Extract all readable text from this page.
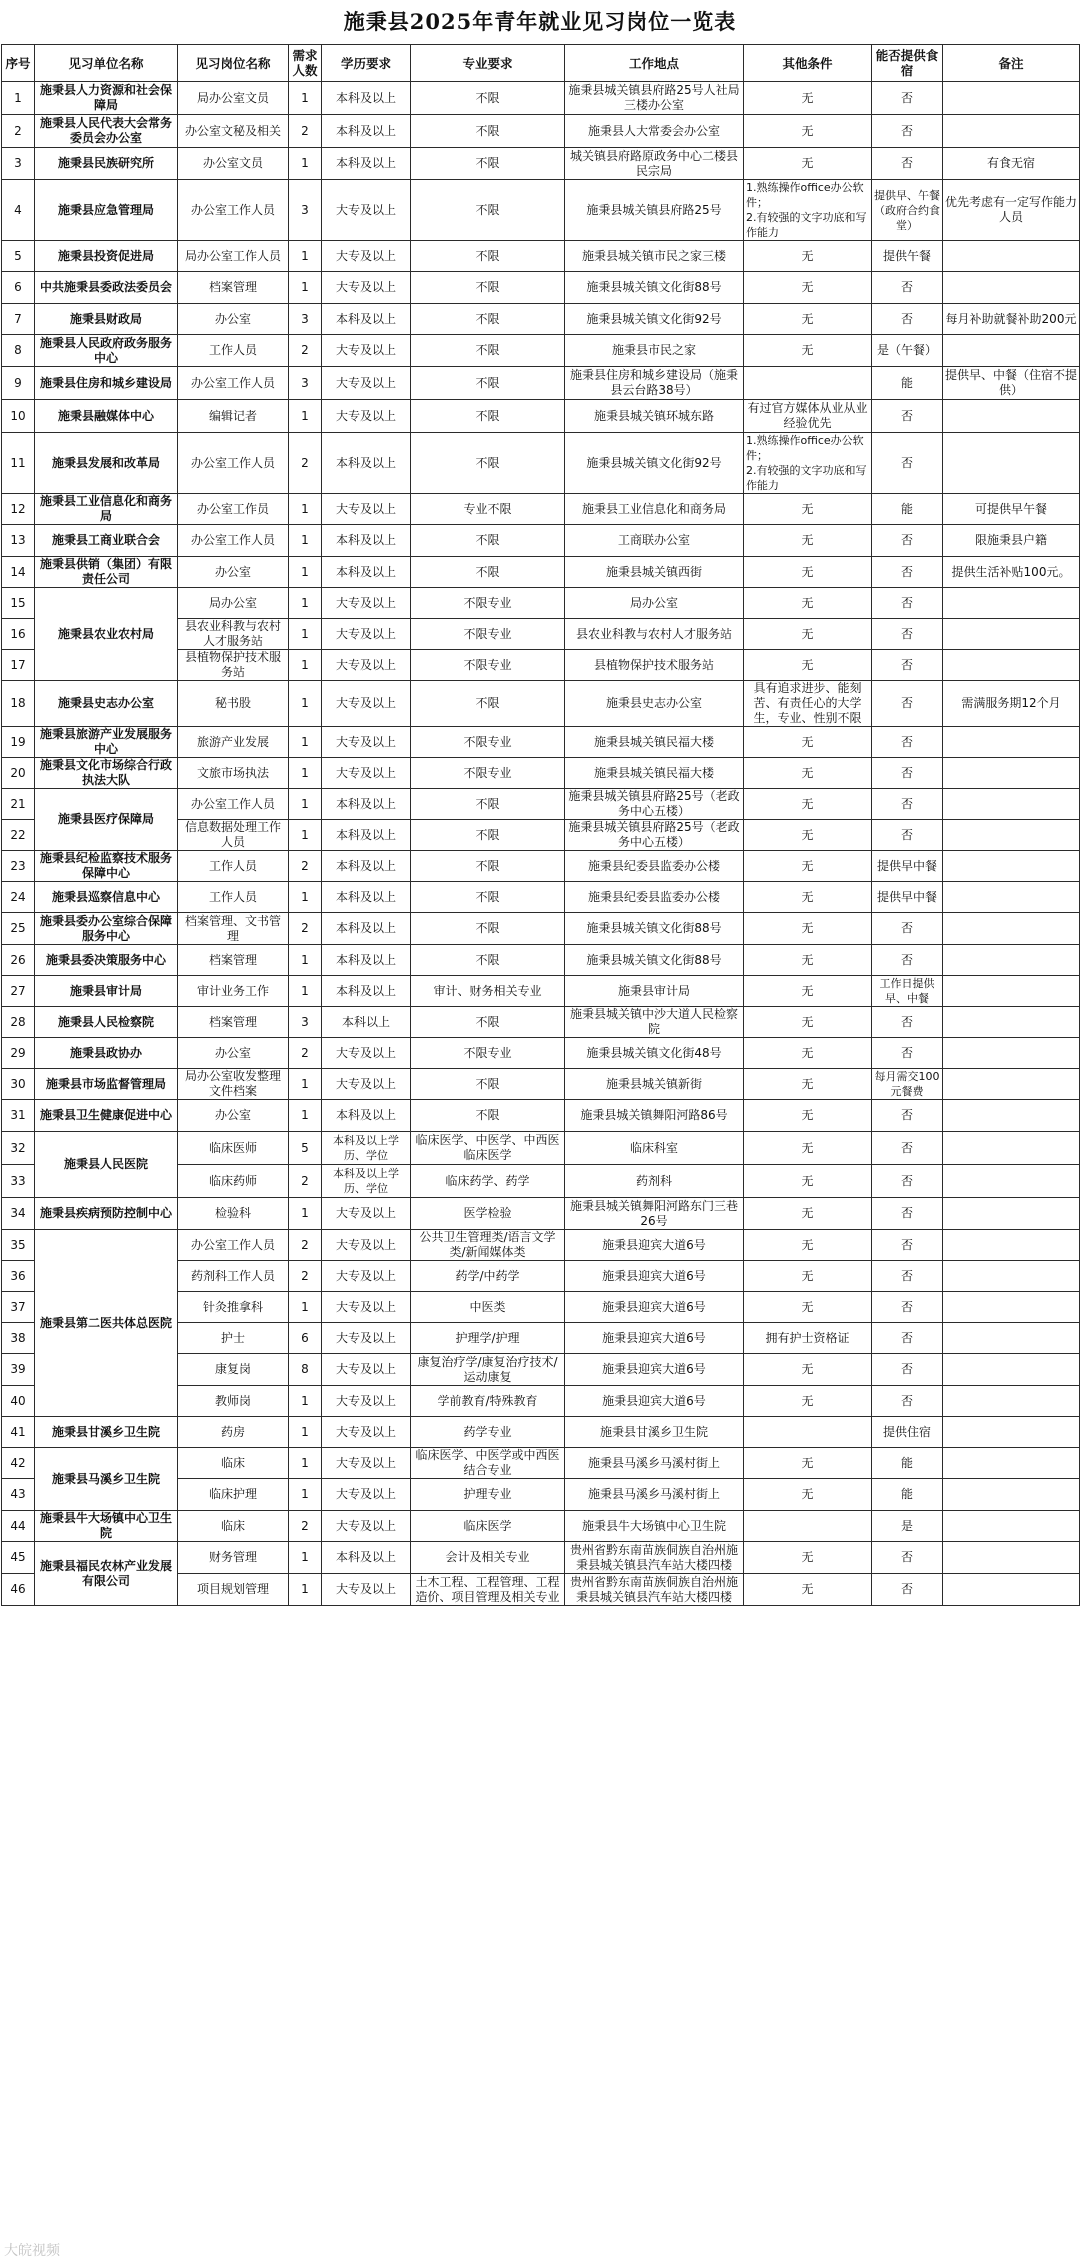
施秉县2025年青年就业见习岗位一览表
序号	见习单位名称	见习岗位名称	需求人数	学历要求	专业要求	工作地点	其他条件	能否提供食宿	备注
1	施秉县人力资源和社会保障局	局办公室文员	1	本科及以上	不限	施秉县城关镇县府路25号人社局三楼办公室	无	否	
2	施秉县人民代表大会常务委员会办公室	办公室文秘及相关	2	本科及以上	不限	施秉县人大常委会办公室	无	否	
3	施秉县民族研究所	办公室文员	1	本科及以上	不限	城关镇县府路原政务中心二楼县民宗局	无	否	有食无宿
4	施秉县应急管理局	办公室工作人员	3	大专及以上	不限	施秉县城关镇县府路25号	1.熟练操作office办公软件；
2.有较强的文字功底和写作能力	提供早、午餐（政府合约食堂）	优先考虑有一定写作能力人员
5	施秉县投资促进局	局办公室工作人员	1	大专及以上	不限	施秉县城关镇市民之家三楼	无	提供午餐	
6	中共施秉县委政法委员会	档案管理	1	大专及以上	不限	施秉县城关镇文化街88号	无	否	
7	施秉县财政局	办公室	3	本科及以上	不限	施秉县城关镇文化街92号	无	否	每月补助就餐补助200元
8	施秉县人民政府政务服务中心	工作人员	2	大专及以上	不限	施秉县市民之家	无	是（午餐）	
9	施秉县住房和城乡建设局	办公室工作人员	3	大专及以上	不限	施秉县住房和城乡建设局（施秉县云台路38号）		能	提供早、中餐（住宿不提供）
10	施秉县融媒体中心	编辑记者	1	大专及以上	不限	施秉县城关镇环城东路	有过官方媒体从业从业经验优先	否	
11	施秉县发展和改革局	办公室工作人员	2	本科及以上	不限	施秉县城关镇文化街92号	1.熟练操作office办公软件；
2.有较强的文字功底和写作能力	否	
12	施秉县工业信息化和商务局	办公室工作员	1	大专及以上	专业不限	施秉县工业信息化和商务局	无	能	可提供早午餐
13	施秉县工商业联合会	办公室工作人员	1	本科及以上	不限	工商联办公室	无	否	限施秉县户籍
14	施秉县供销（集团）有限责任公司	办公室	1	本科及以上	不限	施秉县城关镇西街	无	否	提供生活补贴100元。
15	施秉县农业农村局	局办公室	1	大专及以上	不限专业	局办公室	无	否	
16		县农业科教与农村人才服务站	1	大专及以上	不限专业	县农业科教与农村人才服务站	无	否	
17		县植物保护技术服务站	1	大专及以上	不限专业	县植物保护技术服务站	无	否	
18	施秉县史志办公室	秘书股	1	大专及以上	不限	施秉县史志办公室	具有追求进步、能刻苦、有责任心的大学生，专业、性别不限	否	需满服务期12个月
19	施秉县旅游产业发展服务中心	旅游产业发展	1	大专及以上	不限专业	施秉县城关镇民福大楼	无	否	
20	施秉县文化市场综合行政执法大队	文旅市场执法	1	大专及以上	不限专业	施秉县城关镇民福大楼	无	否	
21	施秉县医疗保障局	办公室工作人员	1	本科及以上	不限	施秉县城关镇县府路25号（老政务中心五楼）	无	否	
22		信息数据处理工作人员	1	本科及以上	不限	施秉县城关镇县府路25号（老政务中心五楼）	无	否	
23	施秉县纪检监察技术服务保障中心	工作人员	2	本科及以上	不限	施秉县纪委县监委办公楼	无	提供早中餐	
24	施秉县巡察信息中心	工作人员	1	本科及以上	不限	施秉县纪委县监委办公楼	无	提供早中餐	
25	施秉县委办公室综合保障服务中心	档案管理、文书管理	2	本科及以上	不限	施秉县城关镇文化街88号	无	否	
26	施秉县委决策服务中心	档案管理	1	本科及以上	不限	施秉县城关镇文化街88号	无	否	
27	施秉县审计局	审计业务工作	1	本科及以上	审计、财务相关专业	施秉县审计局	无	工作日提供早、中餐	
28	施秉县人民检察院	档案管理	3	本科以上	不限	施秉县城关镇中沙大道人民检察院	无	否	
29	施秉县政协办	办公室	2	大专及以上	不限专业	施秉县城关镇文化街48号	无	否	
30	施秉县市场监督管理局	局办公室收发整理文件档案	1	大专及以上	不限	施秉县城关镇新街	无	每月需交100元餐费	
31	施秉县卫生健康促进中心	办公室	1	本科及以上	不限	施秉县城关镇舞阳河路86号	无	否	
32	施秉县人民医院	临床医师	5	本科及以上学历、学位	临床医学、中医学、中西医临床医学	临床科室	无	否	
33		临床药师	2	本科及以上学历、学位	临床药学、药学	药剂科	无	否	
34	施秉县疾病预防控制中心	检验科	1	大专及以上	医学检验	施秉县城关镇舞阳河路东门三巷26号	无	否	
35	施秉县第二医共体总医院	办公室工作人员	2	大专及以上	公共卫生管理类/语言文学类/新闻媒体类	施秉县迎宾大道6号	无	否	
36		药剂科工作人员	2	大专及以上	药学/中药学	施秉县迎宾大道6号	无	否	
37		针灸推拿科	1	大专及以上	中医类	施秉县迎宾大道6号	无	否	
38		护士	6	大专及以上	护理学/护理	施秉县迎宾大道6号	拥有护士资格证	否	
39		康复岗	8	大专及以上	康复治疗学/康复治疗技术/运动康复	施秉县迎宾大道6号	无	否	
40		教师岗	1	大专及以上	学前教育/特殊教育	施秉县迎宾大道6号	无	否	
41	施秉县甘溪乡卫生院	药房	1	大专及以上	药学专业	施秉县甘溪乡卫生院		提供住宿	
42	施秉县马溪乡卫生院	临床	1	大专及以上	临床医学、中医学或中西医结合专业	施秉县马溪乡马溪村街上	无	能	
43		临床护理	1	大专及以上	护理专业	施秉县马溪乡马溪村街上	无	能	
44	施秉县牛大场镇中心卫生院	临床	2	大专及以上	临床医学	施秉县牛大场镇中心卫生院		是	
45	施秉县福民农林产业发展有限公司	财务管理	1	本科及以上	会计及相关专业	贵州省黔东南苗族侗族自治州施秉县城关镇县汽车站大楼四楼	无	否	
46		项目规划管理	1	大专及以上	土木工程、工程管理、工程造价、项目管理及相关专业	贵州省黔东南苗族侗族自治州施秉县城关镇县汽车站大楼四楼	无	否	
大皖视频
